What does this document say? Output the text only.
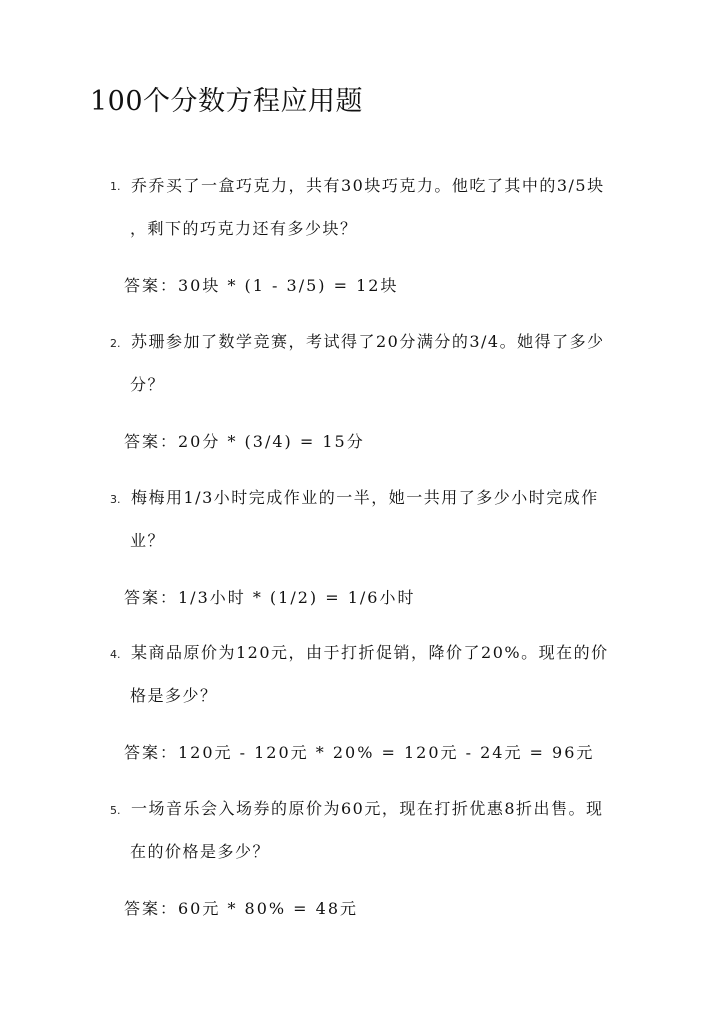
100个分数方程应用题
1. 乔乔买了一盒巧克力，共有30块巧克力。他吃了其中的3/5块
，剩下的巧克力还有多少块？
答案：30块 * (1 - 3/5) = 12块
2. 苏珊参加了数学竞赛，考试得了20分满分的3/4。她得了多少
分？
答案：20分 * (3/4) = 15分
3. 梅梅用1/3小时完成作业的一半，她一共用了多少小时完成作
业？
答案：1/3小时 * (1/2) = 1/6小时
4. 某商品原价为120元，由于打折促销，降价了20%。现在的价
格是多少？
答案：120元 - 120元 * 20% = 120元 - 24元 = 96元
5. 一场音乐会入场券的原价为60元，现在打折优惠8折出售。现
在的价格是多少？
答案：60元 * 80% = 48元
